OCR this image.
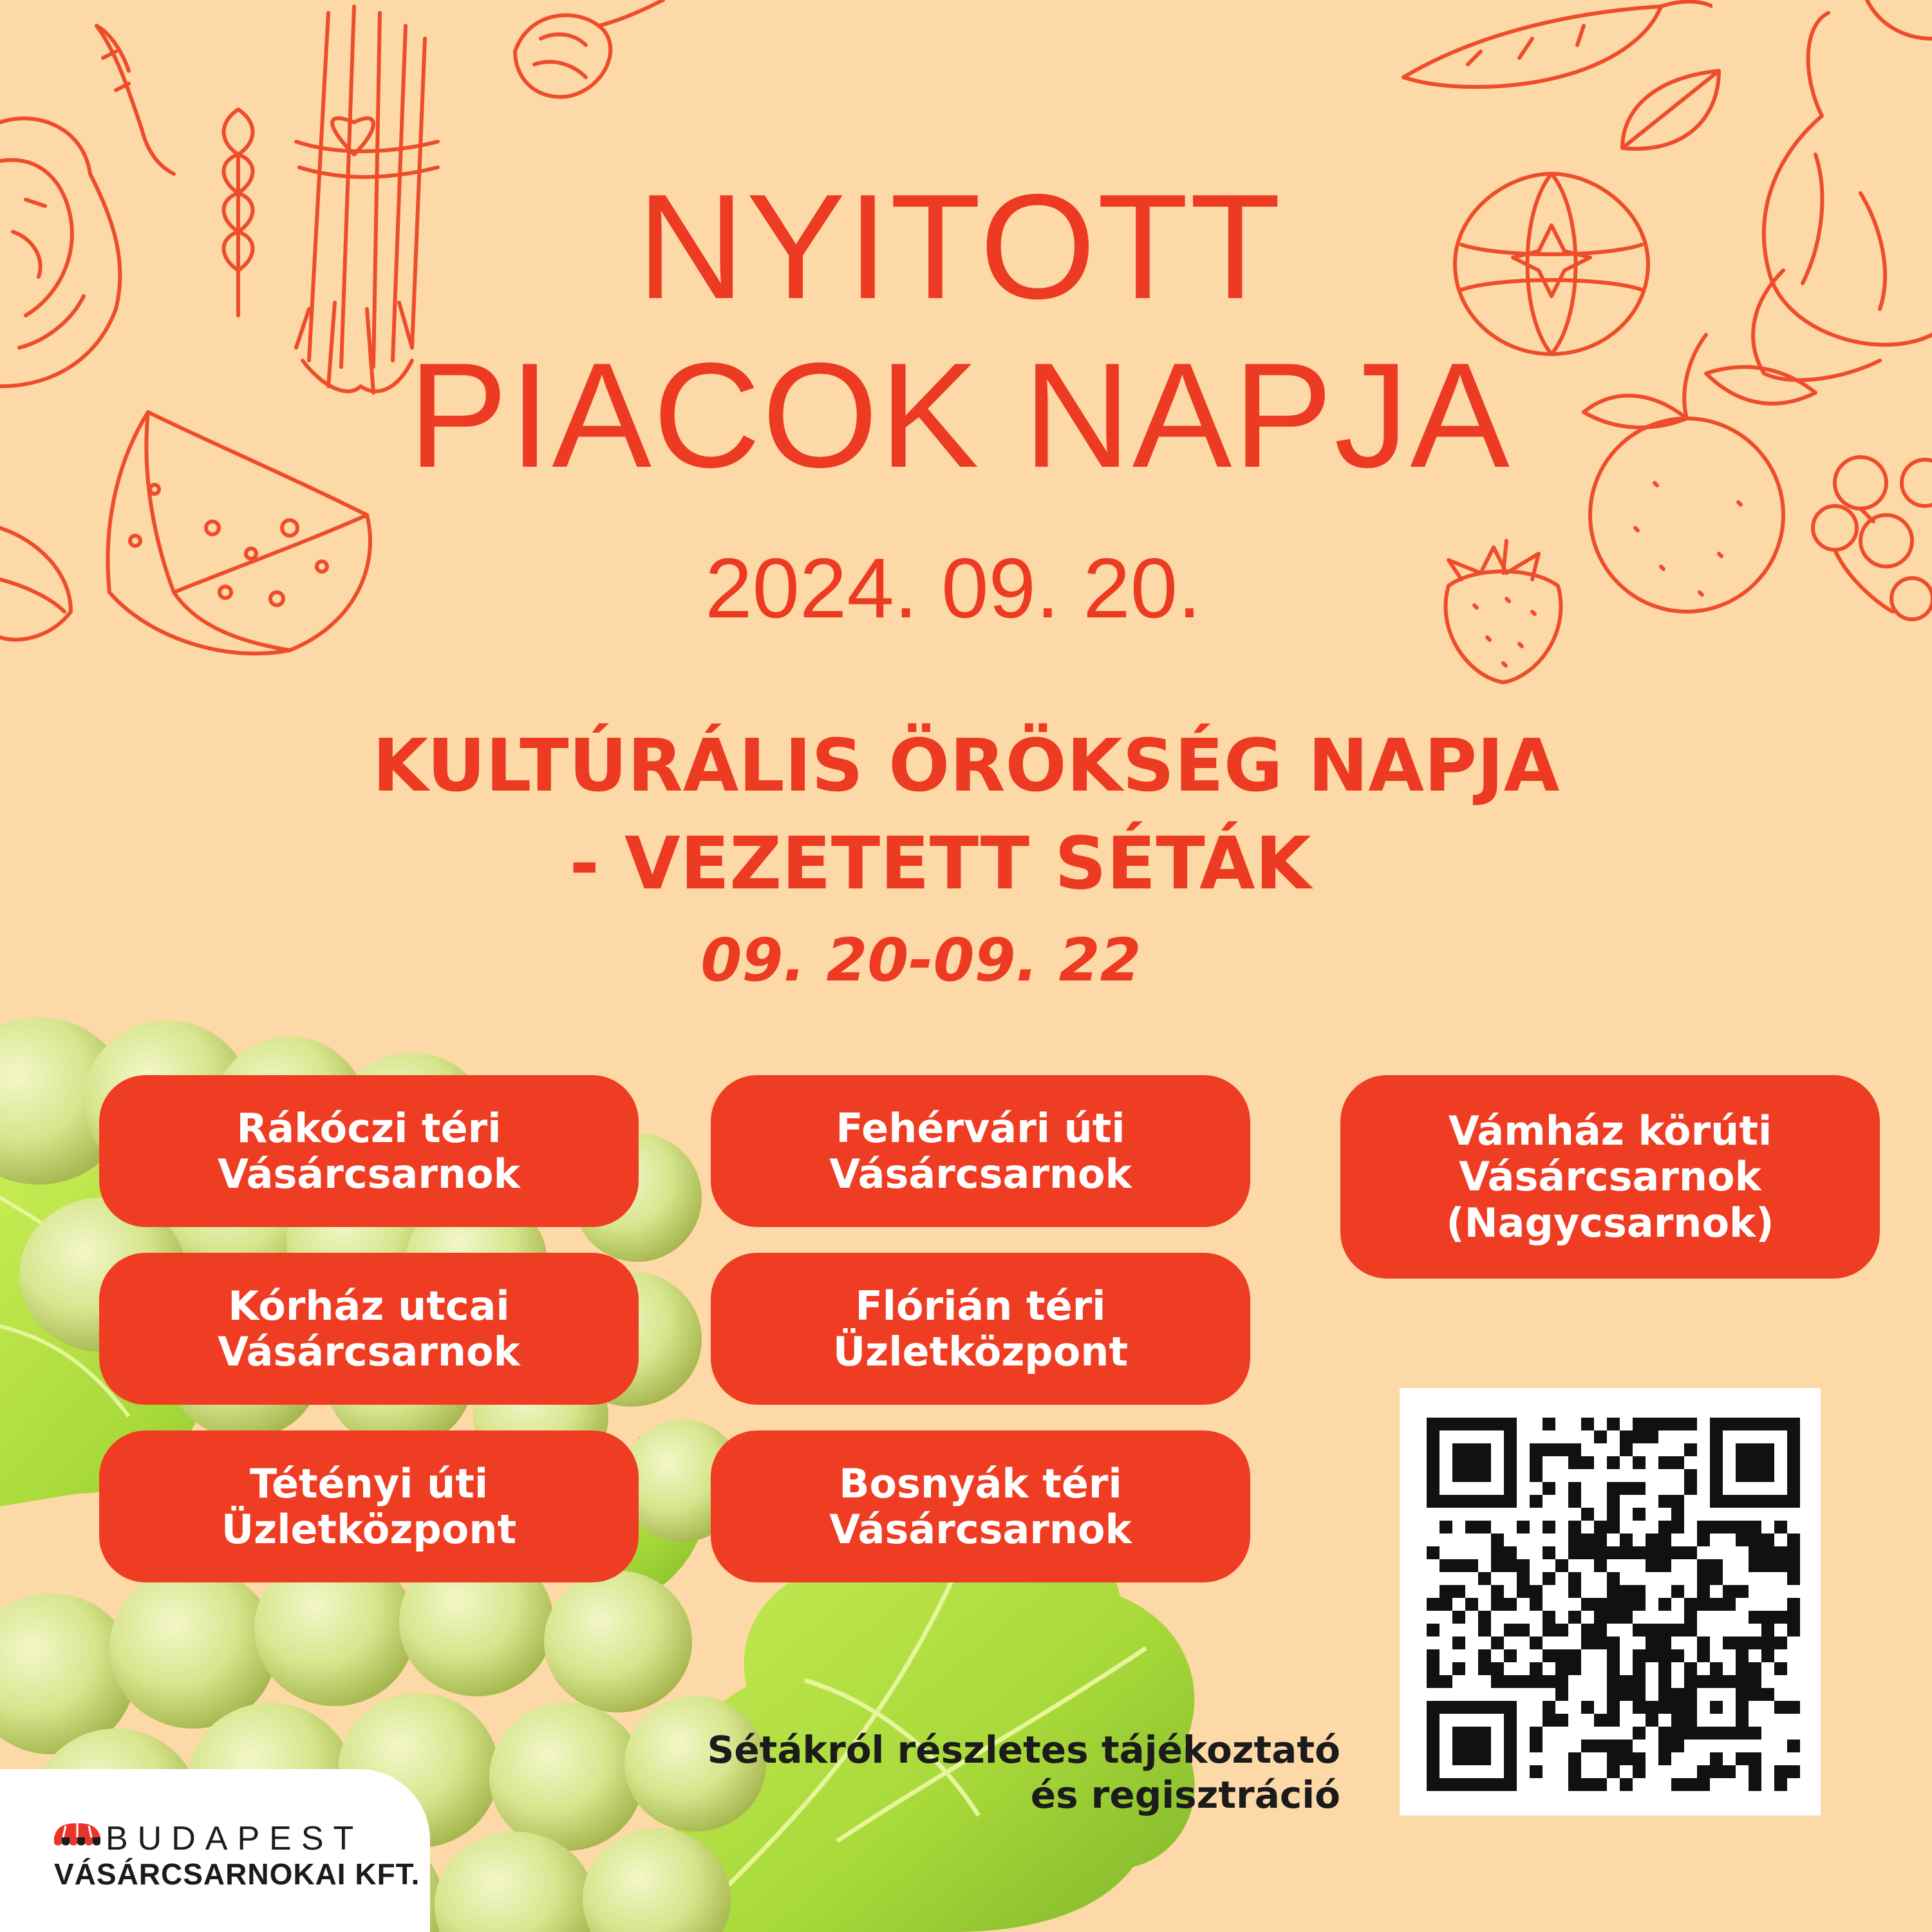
NYITOTT
PIACOK NAPJA
2024. 09. 20.
KULTÚRÁLIS ÖRÖKSÉG NAPJA
- VEZETETT SÉTÁK
09. 20-09. 22
Rákóczi téri
Vásárcsarnok
Fehérvári úti
Vásárcsarnok
Vámház körúti
Vásárcsarnok
(Nagycsarnok)
Kórház utcai
Vásárcsarnok
Flórián téri
Üzletközpont
Tétényi úti
Üzletközpont
Bosnyák téri
Vásárcsarnok
Sétákról részletes tájékoztató
és regisztráció
BUDAPEST
VÁSÁRCSARNOKAI KFT.
